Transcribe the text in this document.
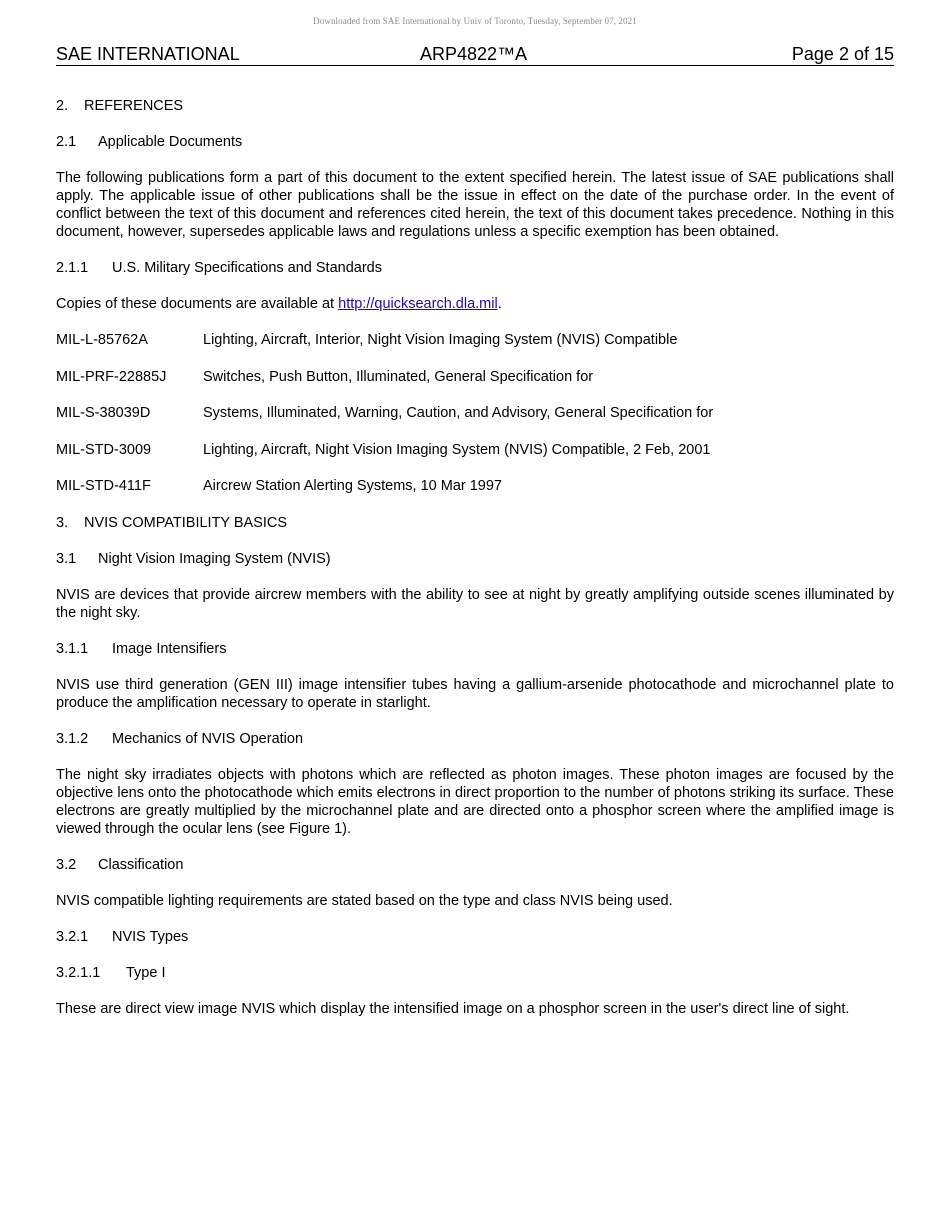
Downloaded from SAE International by Univ of Toronto, Tuesday, September 07, 2021
SAE INTERNATIONAL	ARP4822™A	Page 2 of 15
2. REFERENCES
2.1 Applicable Documents

The following publications form a part of this document to the extent specified herein. The latest issue of SAE publications shall apply. The applicable issue of other publications shall be the issue in effect on the date of the purchase order. In the event of conflict between the text of this document and references cited herein, the text of this document takes precedence. Nothing in this document, however, supersedes applicable laws and regulations unless a specific exemption has been obtained.

2.1.1 U.S. Military Specifications and Standards

Copies of these documents are available at http://quicksearch.dla.mil.

MIL-L-85762A	Lighting, Aircraft, Interior, Night Vision Imaging System (NVIS) Compatible
MIL-PRF-22885J	Switches, Push Button, Illuminated, General Specification for
MIL-S-38039D	Systems, Illuminated, Warning, Caution, and Advisory, General Specification for
MIL-STD-3009	Lighting, Aircraft, Night Vision Imaging System (NVIS) Compatible, 2 Feb, 2001
MIL-STD-411F	Aircrew Station Alerting Systems, 10 Mar 1997
3. NVIS COMPATIBILITY BASICS
3.1 Night Vision Imaging System (NVIS)

NVIS are devices that provide aircrew members with the ability to see at night by greatly amplifying outside scenes illuminated by the night sky.

3.1.1 Image Intensifiers

NVIS use third generation (GEN III) image intensifier tubes having a gallium-arsenide photocathode and microchannel plate to produce the amplification necessary to operate in starlight.

3.1.2 Mechanics of NVIS Operation

The night sky irradiates objects with photons which are reflected as photon images. These photon images are focused by the objective lens onto the photocathode which emits electrons in direct proportion to the number of photons striking its surface. These electrons are greatly multiplied by the microchannel plate and are directed onto a phosphor screen where the amplified image is viewed through the ocular lens (see Figure 1).

3.2 Classification

NVIS compatible lighting requirements are stated based on the type and class NVIS being used.

3.2.1 NVIS Types
3.2.1.1 Type I

These are direct view image NVIS which display the intensified image on a phosphor screen in the user's direct line of sight.
